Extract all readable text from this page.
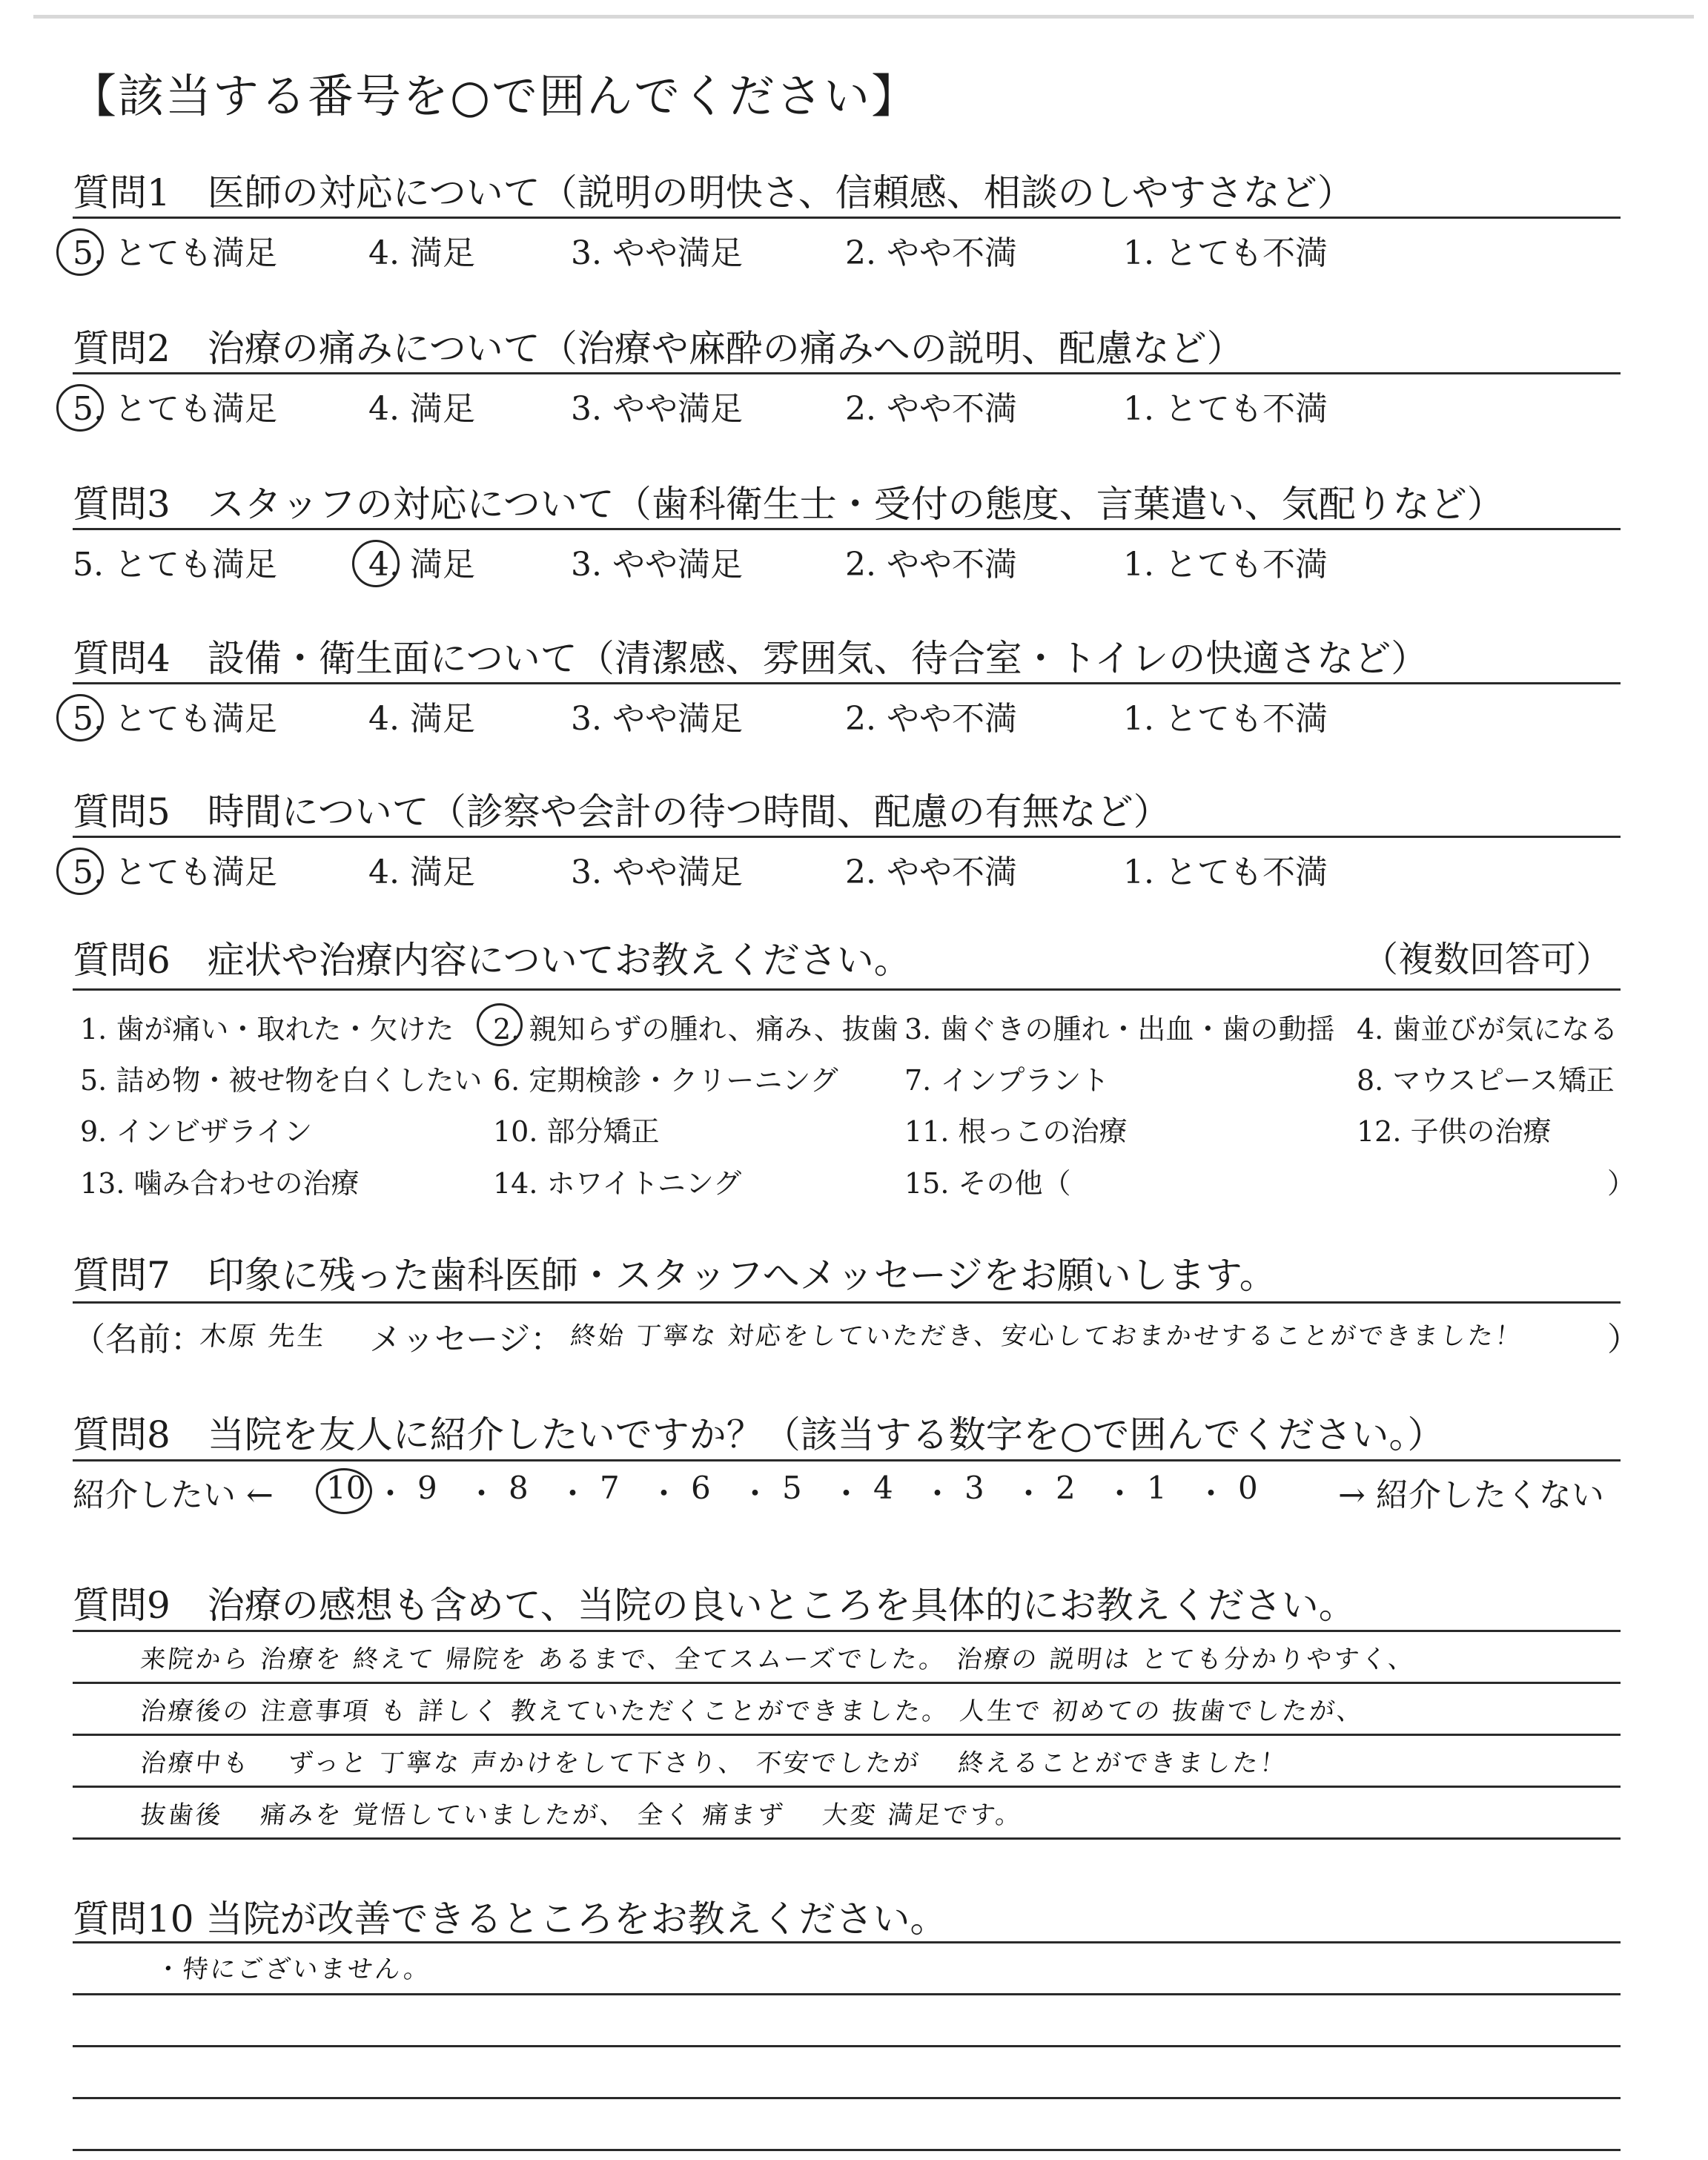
【該当する番号を○で囲んでください】
質問1　医師の対応について（説明の明快さ、信頼感、相談のしやすさなど）
5. とても満足	4. 満足	3. やや満足	2. やや不満	1. とても不満
質問2　治療の痛みについて（治療や麻酔の痛みへの説明、配慮など）
5. とても満足	4. 満足	3. やや満足	2. やや不満	1. とても不満
質問3　スタッフの対応について（歯科衛生士・受付の態度、言葉遣い、気配りなど）
5. とても満足	4. 満足	3. やや満足	2. やや不満	1. とても不満
質問4　設備・衛生面について（清潔感、雰囲気、待合室・トイレの快適さなど）
5. とても満足	4. 満足	3. やや満足	2. やや不満	1. とても不満
質問5　時間について（診察や会計の待つ時間、配慮の有無など）
5. とても満足	4. 満足	3. やや満足	2. やや不満	1. とても不満
質問6　症状や治療内容についてお教えください。	（複数回答可）
1. 歯が痛い・取れた・欠けた 2. 親知らずの腫れ、痛み、抜歯 3. 歯ぐきの腫れ・出血・歯の動揺 4. 歯並びが気になる
5. 詰め物・被せ物を白くしたい 6. 定期検診・クリーニング 7. インプラント	8. マウスピース矯正
9. インビザライン	10. 部分矯正	11. 根っこの治療	12. 子供の治療
13. 噛み合わせの治療	14. ホワイトニング	15. その他（	）
質問7　印象に残った歯科医師・スタッフへメッセージをお願いします。
（名前：
木原 先生 メッセージ： 終始 丁寧な 対応をしていただき、安心しておまかせすることができました！	）
質問8　当院を友人に紹介したいですか？（該当する数字を○で囲んでください。）
紹介したい ←	→ 紹介したくない
10 ・ 9 ・ 8 ・ 7 ・ 6 ・ 5 ・ 4 ・ 3 ・ 2 ・ 1 ・ 0
質問9　治療の感想も含めて、当院の良いところを具体的にお教えください。
来院から 治療を 終えて 帰院を あるまで、全てスムーズでした。 治療の 説明は とても分かりやすく、
治療後の 注意事項 も 詳しく 教えていただくことができました。 人生で 初めての 抜歯でしたが、
治療中も　 ずっと 丁寧な 声かけをして下さり、 不安でしたが 　終えることができました！
抜歯後　 痛みを 覚悟していましたが、 全く 痛まず 　大変 満足です。
質問10 当院が改善できるところをお教えください。
・特にございません。
